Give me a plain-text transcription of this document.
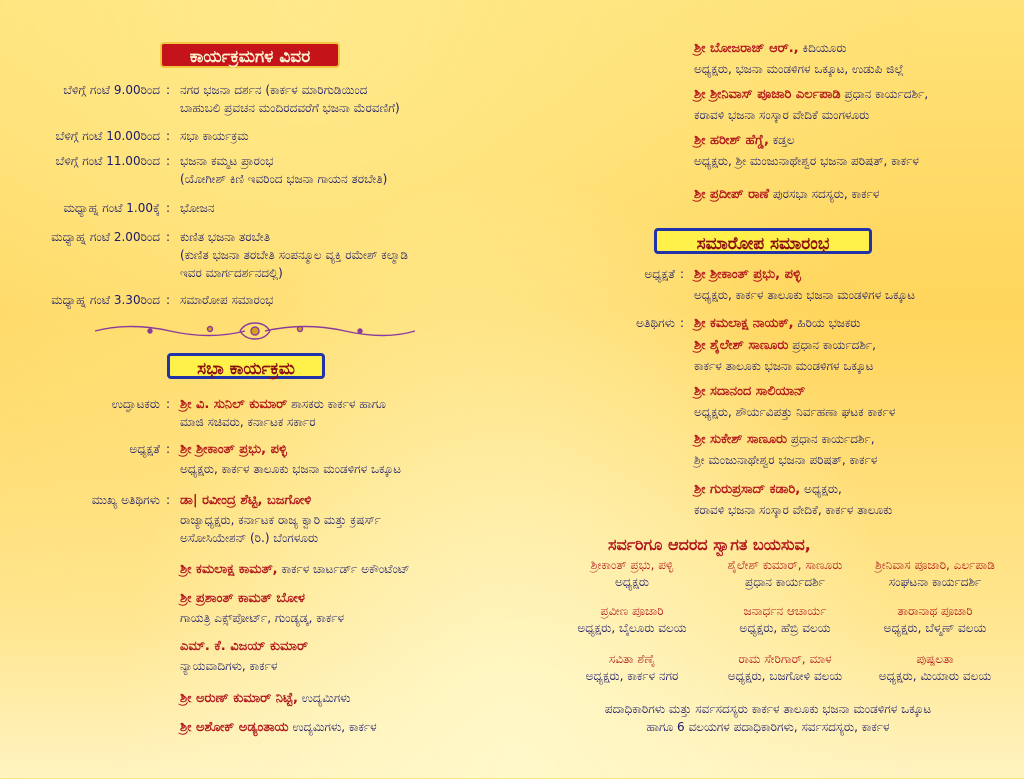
ಕಾರ್ಯಕ್ರಮಗಳ ವಿವರ
ಬೆಳಿಗ್ಗೆ ಗಂಟೆ 9.00ರಿಂದ : ನಗರ ಭಜನಾ ದರ್ಶನ (ಕಾರ್ಕಳ ಮಾರಿಗುಡಿಯಿಂದ
ಬಾಹುಬಲಿ ಪ್ರವಚನ ಮಂದಿರದವರೆಗೆ ಭಜನಾ ಮೆರವಣಿಗೆ)
ಬೆಳಿಗ್ಗೆ ಗಂಟೆ 10.00ರಿಂದ : ಸಭಾ ಕಾರ್ಯಕ್ರಮ
ಬೆಳಿಗ್ಗೆ ಗಂಟೆ 11.00ರಿಂದ : ಭಜನಾ ಕಮ್ಮಟ ಪ್ರಾರಂಭ
(ಯೋಗೀಶ್ ಕಿಣಿ ಇವರಿಂದ ಭಜನಾ ಗಾಯನ ತರಬೇತಿ)
ಮಧ್ಯಾಹ್ನ ಗಂಟೆ 1.00ಕ್ಕೆ : ಭೋಜನ
ಮಧ್ಯಾಹ್ನ ಗಂಟೆ 2.00ರಿಂದ : ಕುಣಿತ ಭಜನಾ ತರಬೇತಿ
(ಕುಣಿತ ಭಜನಾ ತರಬೇತಿ ಸಂಪನ್ಮೂಲ ವ್ಯಕ್ತಿ ರಮೇಶ್ ಕಲ್ಮಾಡಿ
ಇವರ ಮಾರ್ಗದರ್ಶನದಲ್ಲಿ)
ಮಧ್ಯಾಹ್ನ ಗಂಟೆ 3.30ರಿಂದ : ಸಮಾರೋಪ ಸಮಾರಂಭ
ಸಭಾ ಕಾರ್ಯಕ್ರಮ
ಉದ್ಘಾಟಕರು : ಶ್ರೀ ವಿ. ಸುನಿಲ್ ಕುಮಾರ್ ಶಾಸಕರು ಕಾರ್ಕಳ ಹಾಗೂ
ಮಾಜಿ ಸಚಿವರು, ಕರ್ನಾಟಕ ಸರ್ಕಾರ
ಅಧ್ಯಕ್ಷತೆ : ಶ್ರೀ ಶ್ರೀಕಾಂತ್ ಪ್ರಭು, ಪಳ್ಳಿ
ಅಧ್ಯಕ್ಷರು, ಕಾರ್ಕಳ ತಾಲೂಕು ಭಜನಾ ಮಂಡಳಿಗಳ ಒಕ್ಕೂಟ
ಮುಖ್ಯ ಅತಿಥಿಗಳು : ಡಾ| ರವೀಂದ್ರ ಶೆಟ್ಟಿ, ಬಜಗೋಳಿ
ರಾಜ್ಯಾಧ್ಯಕ್ಷರು, ಕರ್ನಾಟಕ ರಾಜ್ಯ ಕ್ವಾರಿ ಮತ್ತು ಕ್ರಷರ್ಸ್
ಅಸೋಸಿಯೇಶನ್ (ರಿ.) ಬೆಂಗಳೂರು
ಶ್ರೀ ಕಮಲಾಕ್ಷ ಕಾಮತ್, ಕಾರ್ಕಳ ಚಾರ್ಟರ್ಡ್ ಅಕೌಂಟೆಂಟ್
ಶ್ರೀ ಪ್ರಶಾಂತ್ ಕಾಮತ್ ಬೋಳ
ಗಾಯತ್ರಿ ಎಕ್ಸ್‌ಪೋರ್ಟ್, ಗುಂಡ್ಯಡ್ಕ, ಕಾರ್ಕಳ
ಎಮ್. ಕೆ. ವಿಜಯ್ ಕುಮಾರ್
ನ್ಯಾಯವಾದಿಗಳು, ಕಾರ್ಕಳ
ಶ್ರೀ ಅರುಣ್ ಕುಮಾರ್ ನಿಟ್ಟೆ, ಉದ್ಯಮಿಗಳು
ಶ್ರೀ ಅಶೋಕ್ ಅಡ್ಯಂತಾಯ ಉದ್ಯಮಿಗಳು, ಕಾರ್ಕಳ
ಶ್ರೀ ಬೋಜರಾಜ್ ಆರ್., ಕಿದಿಯೂರು
ಅಧ್ಯಕ್ಷರು, ಭಜನಾ ಮಂಡಳಿಗಳ ಒಕ್ಕೂಟ, ಉಡುಪಿ ಜಿಲ್ಲೆ
ಶ್ರೀ ಶ್ರೀನಿವಾಸ್ ಪೂಜಾರಿ ಎರ್ಲಪಾಡಿ ಪ್ರಧಾನ ಕಾರ್ಯದರ್ಶಿ,
ಕರಾವಳಿ ಭಜನಾ ಸಂಸ್ಕಾರ ವೇದಿಕೆ ಮಂಗಳೂರು
ಶ್ರೀ ಹರೀಶ್ ಹೆಗ್ಡೆ, ಕಡ್ತಲ
ಅಧ್ಯಕ್ಷರು, ಶ್ರೀ ಮಂಜುನಾಥೇಶ್ವರ ಭಜನಾ ಪರಿಷತ್, ಕಾರ್ಕಳ
ಶ್ರೀ ಪ್ರದೀಪ್ ರಾಣೆ ಪುರಸಭಾ ಸದಸ್ಯರು, ಕಾರ್ಕಳ
ಸಮಾರೋಪ ಸಮಾರಂಭ
ಅಧ್ಯಕ್ಷತೆ : ಶ್ರೀ ಶ್ರೀಕಾಂತ್ ಪ್ರಭು, ಪಳ್ಳಿ
ಅಧ್ಯಕ್ಷರು, ಕಾರ್ಕಳ ತಾಲೂಕು ಭಜನಾ ಮಂಡಳಿಗಳ ಒಕ್ಕೂಟ
ಅತಿಥಿಗಳು : ಶ್ರೀ ಕಮಲಾಕ್ಷ ನಾಯಕ್, ಹಿರಿಯ ಭಜಕರು
ಶ್ರೀ ಶೈಲೇಶ್ ಸಾಣೂರು ಪ್ರಧಾನ ಕಾರ್ಯದರ್ಶಿ,
ಕಾರ್ಕಳ ತಾಲೂಕು ಭಜನಾ ಮಂಡಳಿಗಳ ಒಕ್ಕೂಟ
ಶ್ರೀ ಸದಾನಂದ ಸಾಲಿಯಾನ್
ಅಧ್ಯಕ್ಷರು, ಶೌರ್ಯವಿಪತ್ತು ನಿರ್ವಹಣಾ ಘಟಕ ಕಾರ್ಕಳ
ಶ್ರೀ ಸುಕೇಶ್ ಸಾಣೂರು ಪ್ರಧಾನ ಕಾರ್ಯದರ್ಶಿ,
ಶ್ರೀ ಮಂಜುನಾಥೇಶ್ವರ ಭಜನಾ ಪರಿಷತ್, ಕಾರ್ಕಳ
ಶ್ರೀ ಗುರುಪ್ರಸಾದ್ ಕಡಾರಿ, ಅಧ್ಯಕ್ಷರು,
ಕರಾವಳಿ ಭಜನಾ ಸಂಸ್ಕಾರ ವೇದಿಕೆ, ಕಾರ್ಕಳ ತಾಲೂಕು
ಸರ್ವರಿಗೂ ಆದರದ ಸ್ವಾಗತ ಬಯಸುವ,
ಶ್ರೀಕಾಂತ್ ಪ್ರಭು, ಪಳ್ಳಿ
ಅಧ್ಯಕ್ಷರು
ಶೈಲೇಶ್ ಕುಮಾರ್, ಸಾಣೂರು
ಪ್ರಧಾನ ಕಾರ್ಯದರ್ಶಿ
ಶ್ರೀನಿವಾಸ ಪೂಜಾರಿ, ಎರ್ಲಪಾಡಿ
ಸಂಘಟನಾ ಕಾರ್ಯದರ್ಶಿ
ಪ್ರವೀಣ ಪೂಜಾರಿ
ಅಧ್ಯಕ್ಷರು, ಬೈಲೂರು ವಲಯ
ಜನಾರ್ಧನ ಆಚಾರ್ಯ
ಅಧ್ಯಕ್ಷರು, ಹೆಬ್ರಿ ವಲಯ
ತಾರಾನಾಥ ಪೂಜಾರಿ
ಅಧ್ಯಕ್ಷರು, ಬೆಳ್ಮಣ್ ವಲಯ
ಸವಿತಾ ಶೆಣೈ
ಅಧ್ಯಕ್ಷರು, ಕಾರ್ಕಳ ನಗರ
ರಾಮ ಸೇರಿಗಾರ್, ಮಾಳ
ಅಧ್ಯಕ್ಷರು, ಬಜಗೋಳಿ ವಲಯ
ಪುಷ್ಪಲತಾ
ಅಧ್ಯಕ್ಷರು, ಮಿಯಾರು ವಲಯ
ಪದಾಧಿಕಾರಿಗಳು ಮತ್ತು ಸರ್ವಸದಸ್ಯರು ಕಾರ್ಕಳ ತಾಲೂಕು ಭಜನಾ ಮಂಡಳಿಗಳ ಒಕ್ಕೂಟ
ಹಾಗೂ 6 ವಲಯಗಳ ಪದಾಧಿಕಾರಿಗಳು, ಸರ್ವಸದಸ್ಯರು, ಕಾರ್ಕಳ
